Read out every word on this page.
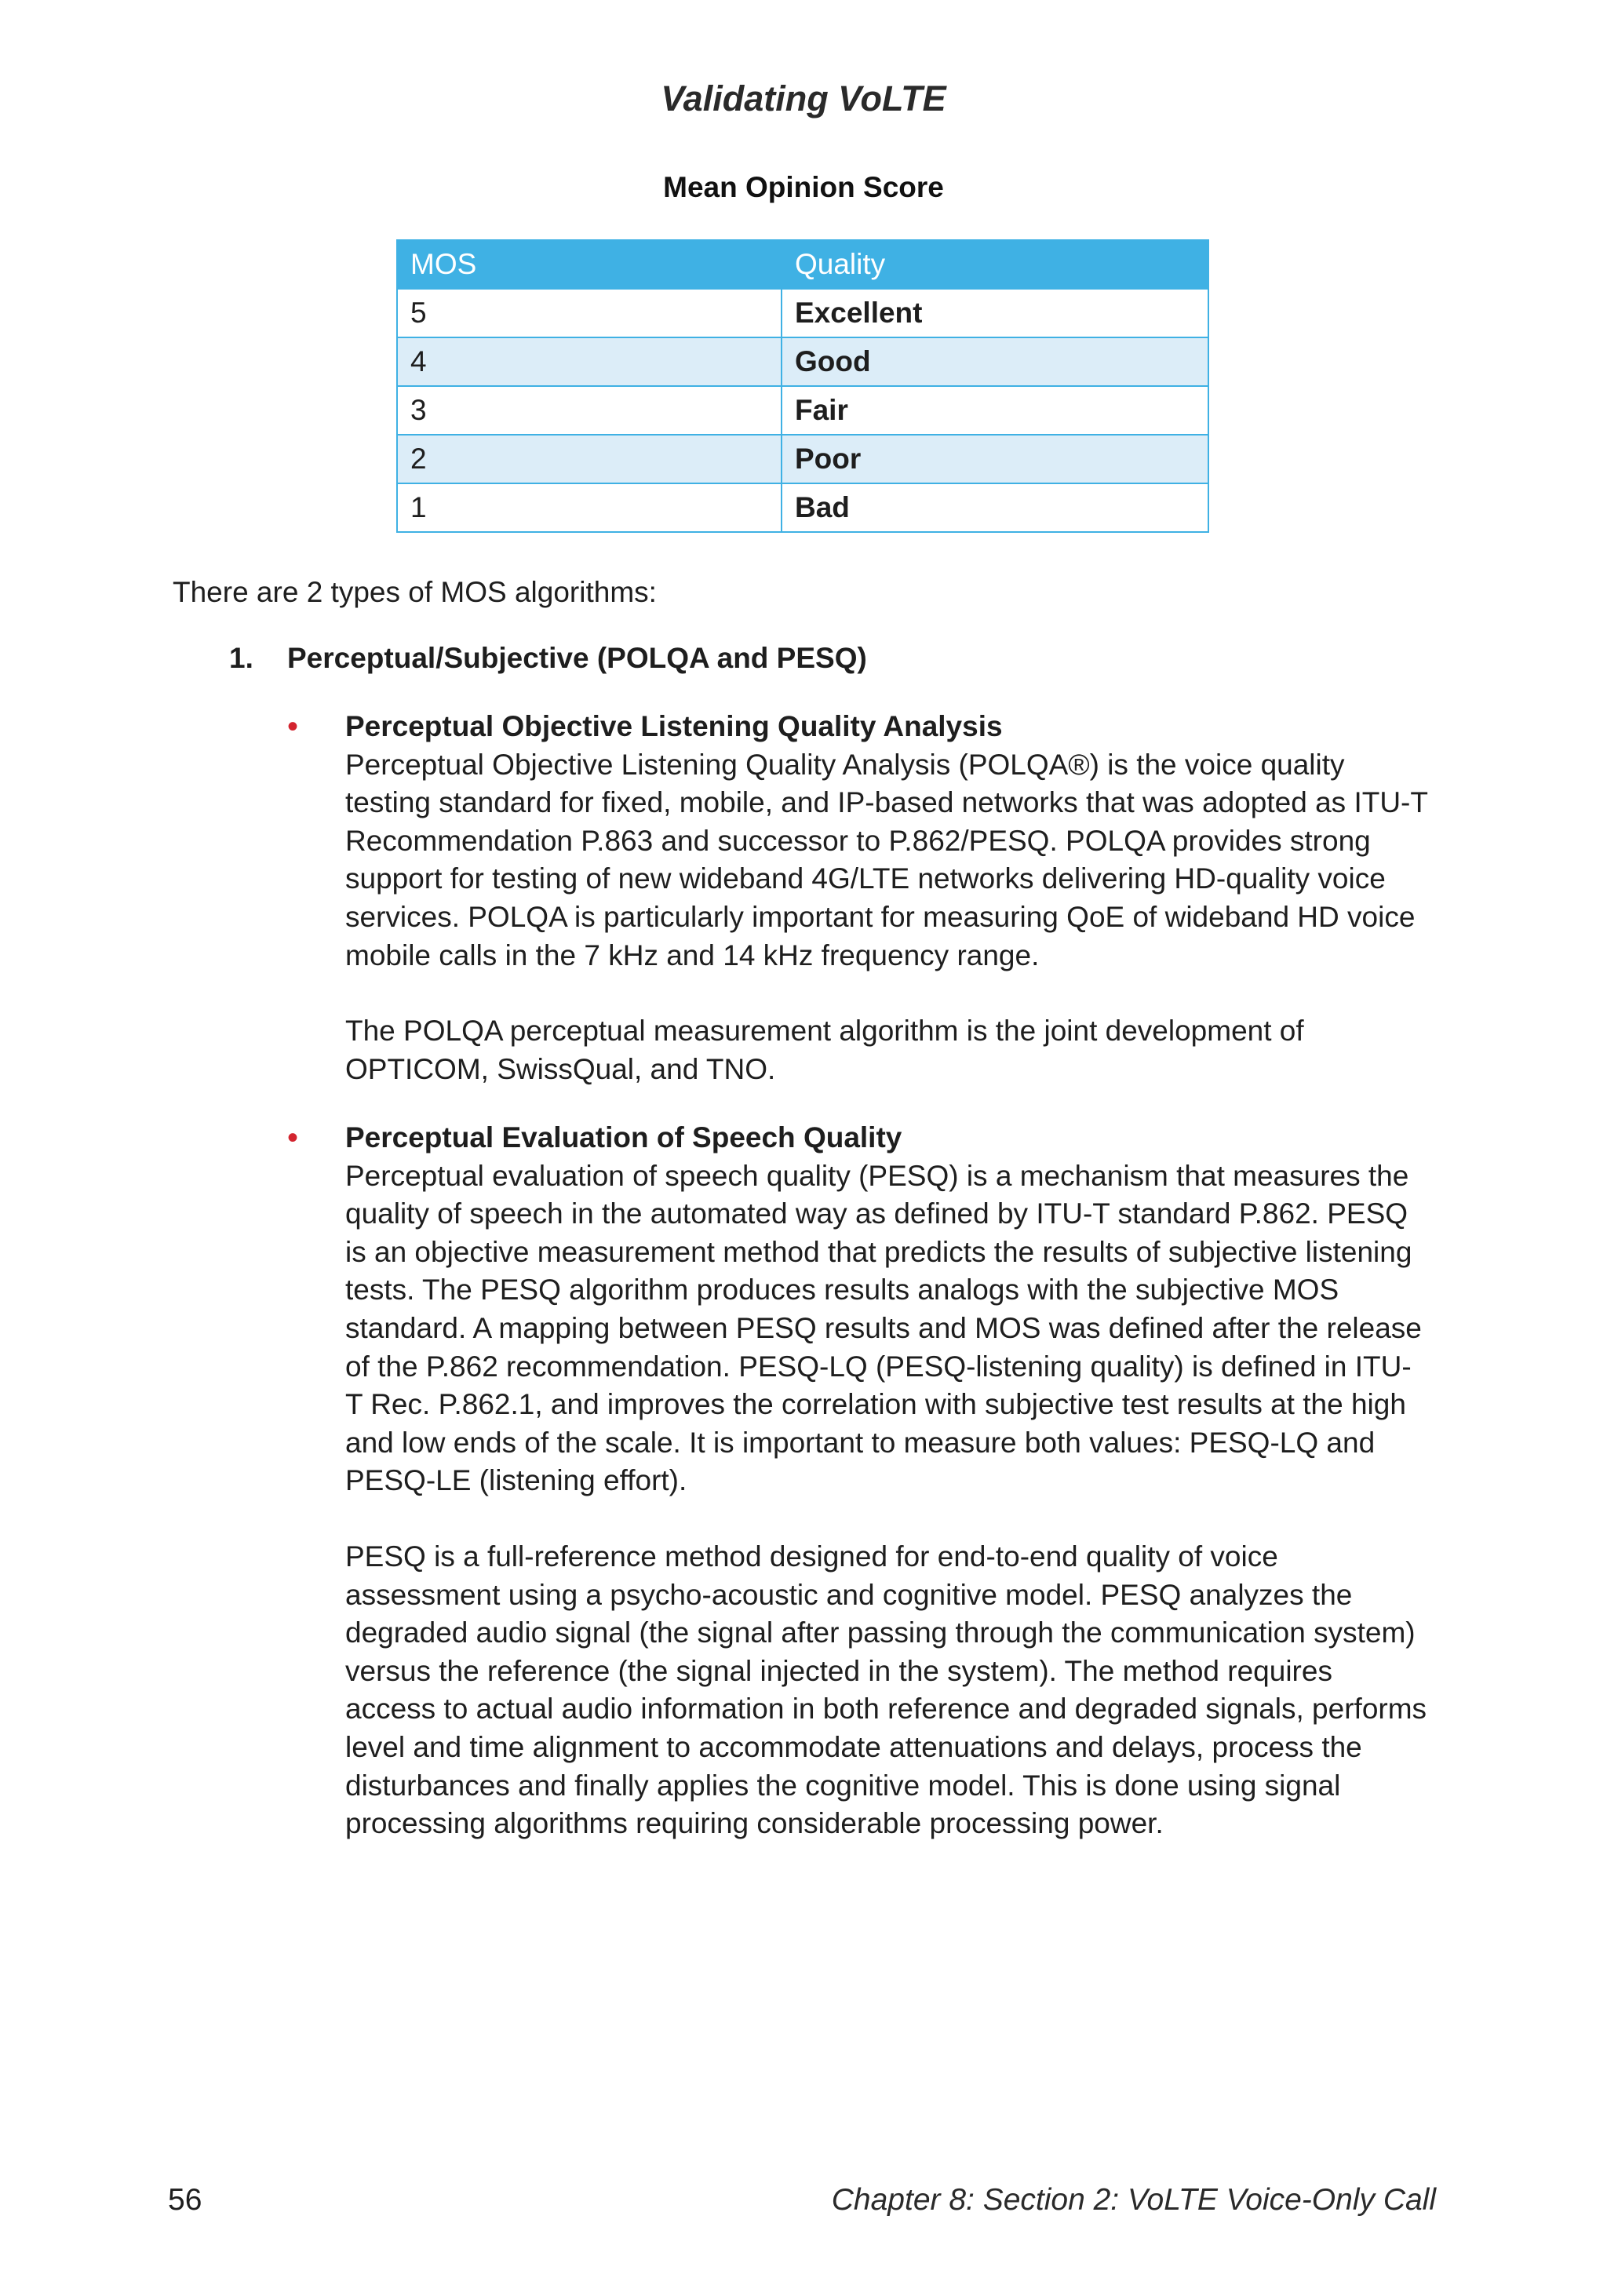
Validating VoLTE
Mean Opinion Score
MOS	Quality
5	Excellent
4	Good
3	Fair
2	Poor
1	Bad
There are 2 types of MOS algorithms:
1. Perceptual/Subjective (POLQA and PESQ)
• Perceptual Objective Listening Quality Analysis

Perceptual Objective Listening Quality Analysis (POLQA®) is the voice quality testing standard for fixed, mobile, and IP-based networks that was adopted as ITU-T Recommendation P.863 and successor to P.862/PESQ. POLQA provides strong support for testing of new wideband 4G/LTE networks delivering HD-quality voice services. POLQA is particularly important for measuring QoE of wideband HD voice mobile calls in the 7 kHz and 14 kHz frequency range.

The POLQA perceptual measurement algorithm is the joint development of OPTICOM, SwissQual, and TNO.

• Perceptual Evaluation of Speech Quality

Perceptual evaluation of speech quality (PESQ) is a mechanism that measures the quality of speech in the automated way as defined by ITU-T standard P.862. PESQ is an objective measurement method that predicts the results of subjective listening tests. The PESQ algorithm produces results analogs with the subjective MOS standard. A mapping between PESQ results and MOS was defined after the release of the P.862 recommendation. PESQ-LQ (PESQ-listening quality) is defined in ITU-T Rec. P.862.1, and improves the correlation with subjective test results at the high and low ends of the scale. It is important to measure both values: PESQ-LQ and PESQ-LE (listening effort).

PESQ is a full-reference method designed for end-to-end quality of voice assessment using a psycho-acoustic and cognitive model. PESQ analyzes the degraded audio signal (the signal after passing through the communication system) versus the reference (the signal injected in the system). The method requires access to actual audio information in both reference and degraded signals, performs level and time alignment to accommodate attenuations and delays, process the disturbances and finally applies the cognitive model. This is done using signal processing algorithms requiring considerable processing power.

56	Chapter 8: Section 2: VoLTE Voice-Only Call
